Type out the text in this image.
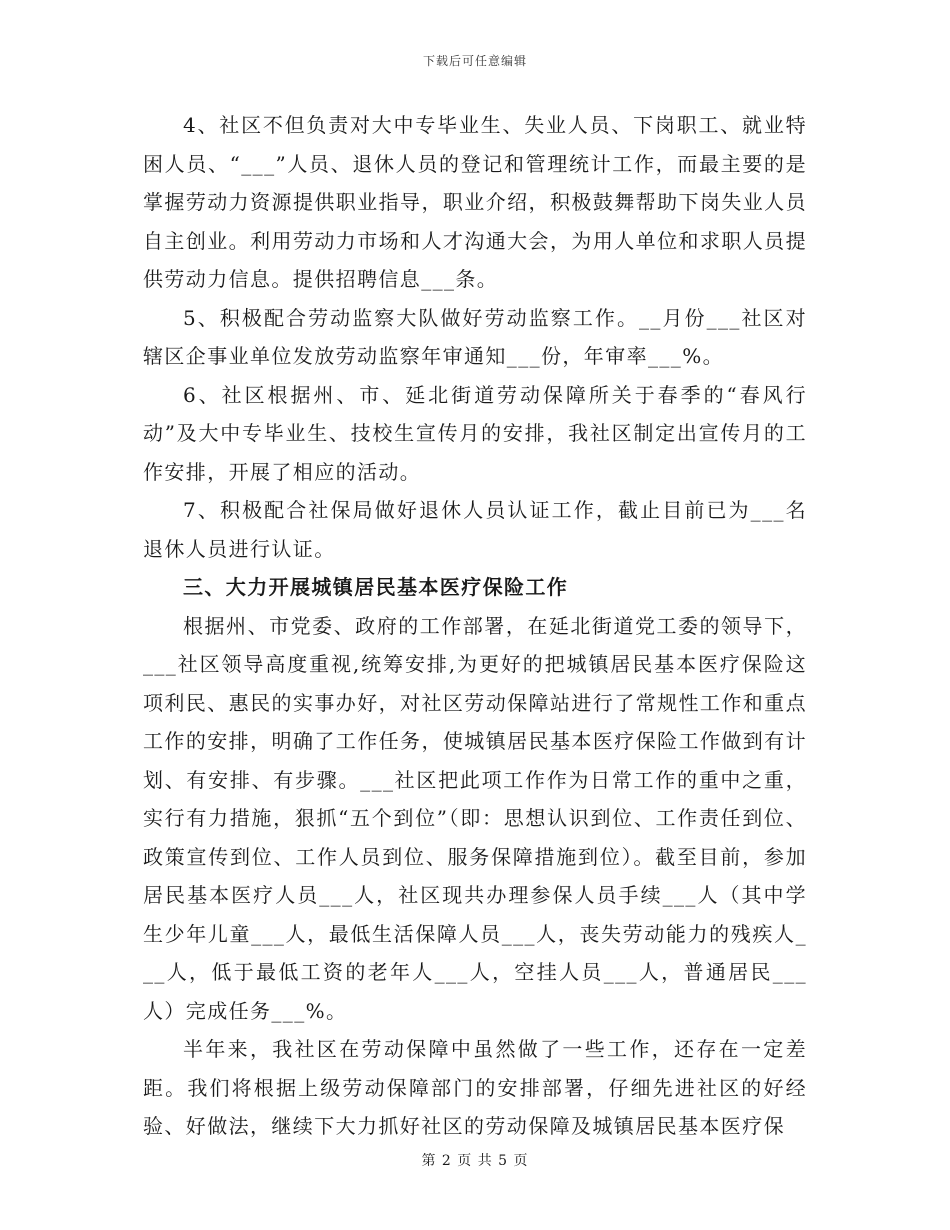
下载后可任意编辑

4、社区不但负责对大中专毕业生、失业人员、下岗职工、就业特困人员、“___”人员、退休人员的登记和管理统计工作，而最主要的是掌握劳动力资源提供职业指导，职业介绍，积极鼓舞帮助下岗失业人员自主创业。利用劳动力市场和人才沟通大会，为用人单位和求职人员提供劳动力信息。提供招聘信息___条。

5、积极配合劳动监察大队做好劳动监察工作。__月份___社区对辖区企事业单位发放劳动监察年审通知___份，年审率___%。

6、社区根据州、市、延北街道劳动保障所关于春季的“春风行动”及大中专毕业生、技校生宣传月的安排，我社区制定出宣传月的工作安排，开展了相应的活动。

7、积极配合社保局做好退休人员认证工作，截止目前已为___名退休人员进行认证。

三、大力开展城镇居民基本医疗保险工作

根据州、市党委、政府的工作部署，在延北街道党工委的领导下，___社区领导高度重视,统筹安排,为更好的把城镇居民基本医疗保险这项利民、惠民的实事办好，对社区劳动保障站进行了常规性工作和重点工作的安排，明确了工作任务，使城镇居民基本医疗保险工作做到有计划、有安排、有步骤。___社区把此项工作作为日常工作的重中之重，实行有力措施，狠抓“五个到位”（即：思想认识到位、工作责任到位、政策宣传到位、工作人员到位、服务保障措施到位）。截至目前，参加居民基本医疗人员___人，社区现共办理参保人员手续___人（其中学生少年儿童___人，最低生活保障人员___人，丧失劳动能力的残疾人___人，低于最低工资的老年人___人，空挂人员___人，普通居民___人）完成任务___%。

半年来，我社区在劳动保障中虽然做了一些工作，还存在一定差距。我们将根据上级劳动保障部门的安排部署，仔细先进社区的好经验、好做法，继续下大力抓好社区的劳动保障及城镇居民基本医疗保

第 2 页 共 5 页
